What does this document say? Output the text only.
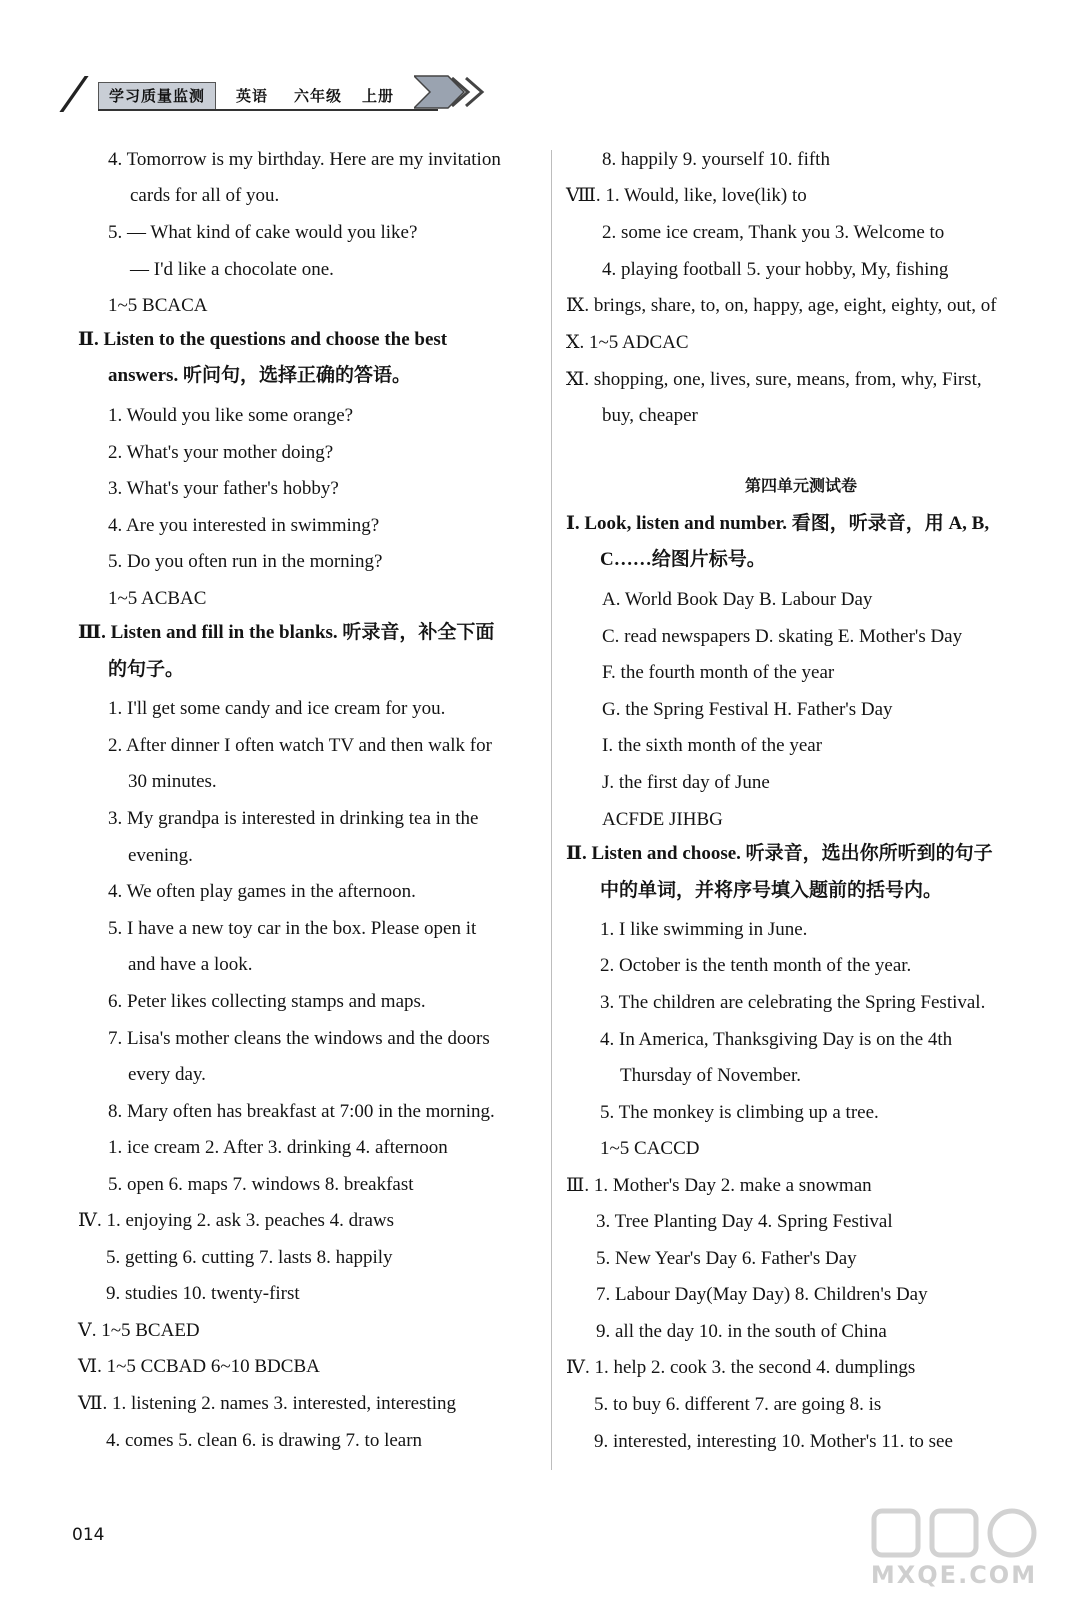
学习质量监测	英语 六年级 上册
4. Tomorrow is my birthday. Here are my invitation
cards for all of you.
5. — What kind of cake would you like?
— I'd like a chocolate one.
1~5 BCACA
Ⅱ. Listen to the questions and choose the best
answers. 听问句，选择正确的答语。
1. Would you like some orange?
2. What's your mother doing?
3. What's your father's hobby?
4. Are you interested in swimming?
5. Do you often run in the morning?
1~5 ACBAC
Ⅲ. Listen and fill in the blanks. 听录音，补全下面
的句子。
1. I'll get some candy and ice cream for you.
2. After dinner I often watch TV and then walk for
30 minutes.
3. My grandpa is interested in drinking tea in the
evening.
4. We often play games in the afternoon.
5. I have a new toy car in the box. Please open it
and have a look.
6. Peter likes collecting stamps and maps.
7. Lisa's mother cleans the windows and the doors
every day.
8. Mary often has breakfast at 7:00 in the morning.
1. ice cream 2. After 3. drinking 4. afternoon
5. open 6. maps 7. windows 8. breakfast
Ⅳ. 1. enjoying 2. ask 3. peaches 4. draws
5. getting 6. cutting 7. lasts 8. happily
9. studies 10. twenty-first
Ⅴ. 1~5 BCAED
Ⅵ. 1~5 CCBAD 6~10 BDCBA
Ⅶ. 1. listening 2. names 3. interested, interesting
4. comes 5. clean 6. is drawing 7. to learn
8. happily 9. yourself 10. fifth
Ⅷ. 1. Would, like, love(lik) to
2. some ice cream, Thank you 3. Welcome to
4. playing football 5. your hobby, My, fishing
Ⅸ. brings, share, to, on, happy, age, eight, eighty, out, of
Ⅹ. 1~5 ADCAC
Ⅺ. shopping, one, lives, sure, means, from, why, First,
buy, cheaper
第四单元测试卷
Ⅰ. Look, listen and number. 看图，听录音，用 A, B,
C……给图片标号。
A. World Book Day B. Labour Day
C. read newspapers D. skating E. Mother's Day
F. the fourth month of the year
G. the Spring Festival H. Father's Day
I. the sixth month of the year
J. the first day of June
ACFDE JIHBG
Ⅱ. Listen and choose. 听录音，选出你所听到的句子
中的单词，并将序号填入题前的括号内。
1. I like swimming in June.
2. October is the tenth month of the year.
3. The children are celebrating the Spring Festival.
4. In America, Thanksgiving Day is on the 4th
Thursday of November.
5. The monkey is climbing up a tree.
1~5 CACCD
Ⅲ. 1. Mother's Day 2. make a snowman
3. Tree Planting Day 4. Spring Festival
5. New Year's Day 6. Father's Day
7. Labour Day(May Day) 8. Children's Day
9. all the day 10. in the south of China
Ⅳ. 1. help 2. cook 3. the second 4. dumplings
5. to buy 6. different 7. are going 8. is
9. interested, interesting 10. Mother's 11. to see
014
MXQE.COM
